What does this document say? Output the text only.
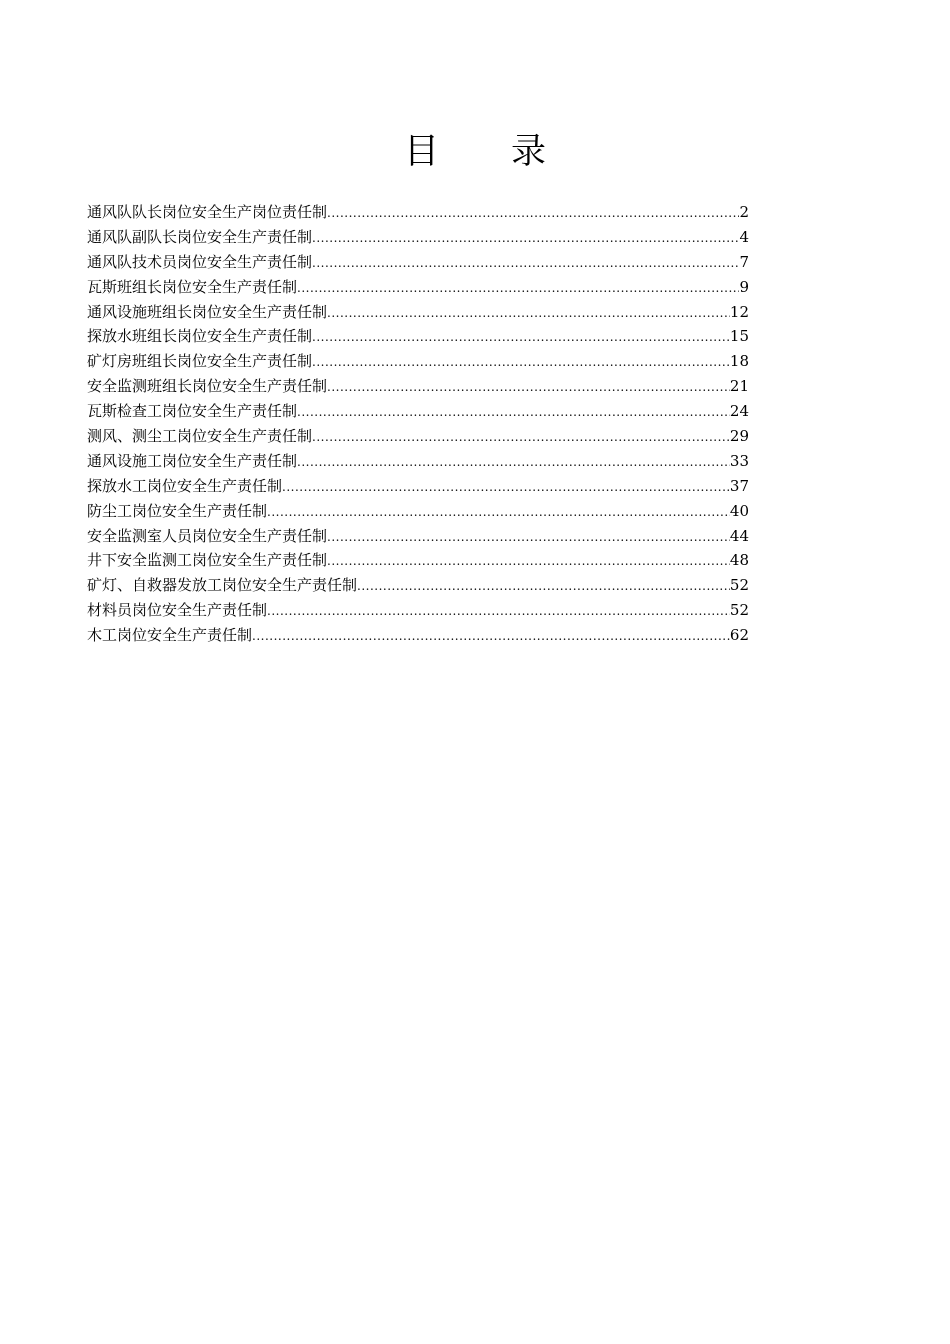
目 录
通风队队长岗位安全生产岗位责任制 .....	2
通风队副队长岗位安全生产责任制 .....	4
通风队技术员岗位安全生产责任制 .....	7
瓦斯班组长岗位安全生产责任制 .....	9
通风设施班组长岗位安全生产责任制 .....	12
探放水班组长岗位安全生产责任制 .....	15
矿灯房班组长岗位安全生产责任制 .....	18
安全监测班组长岗位安全生产责任制 .....	21
瓦斯检查工岗位安全生产责任制 .....	24
测风、测尘工岗位安全生产责任制 .....	29
通风设施工岗位安全生产责任制 .....	33
探放水工岗位安全生产责任制 .....	37
防尘工岗位安全生产责任制 .....	40
安全监测室人员岗位安全生产责任制 .....	44
井下安全监测工岗位安全生产责任制 .....	48
矿灯、自救器发放工岗位安全生产责任制 .....	52
材料员岗位安全生产责任制 .....	52
木工岗位安全生产责任制 .....	62
